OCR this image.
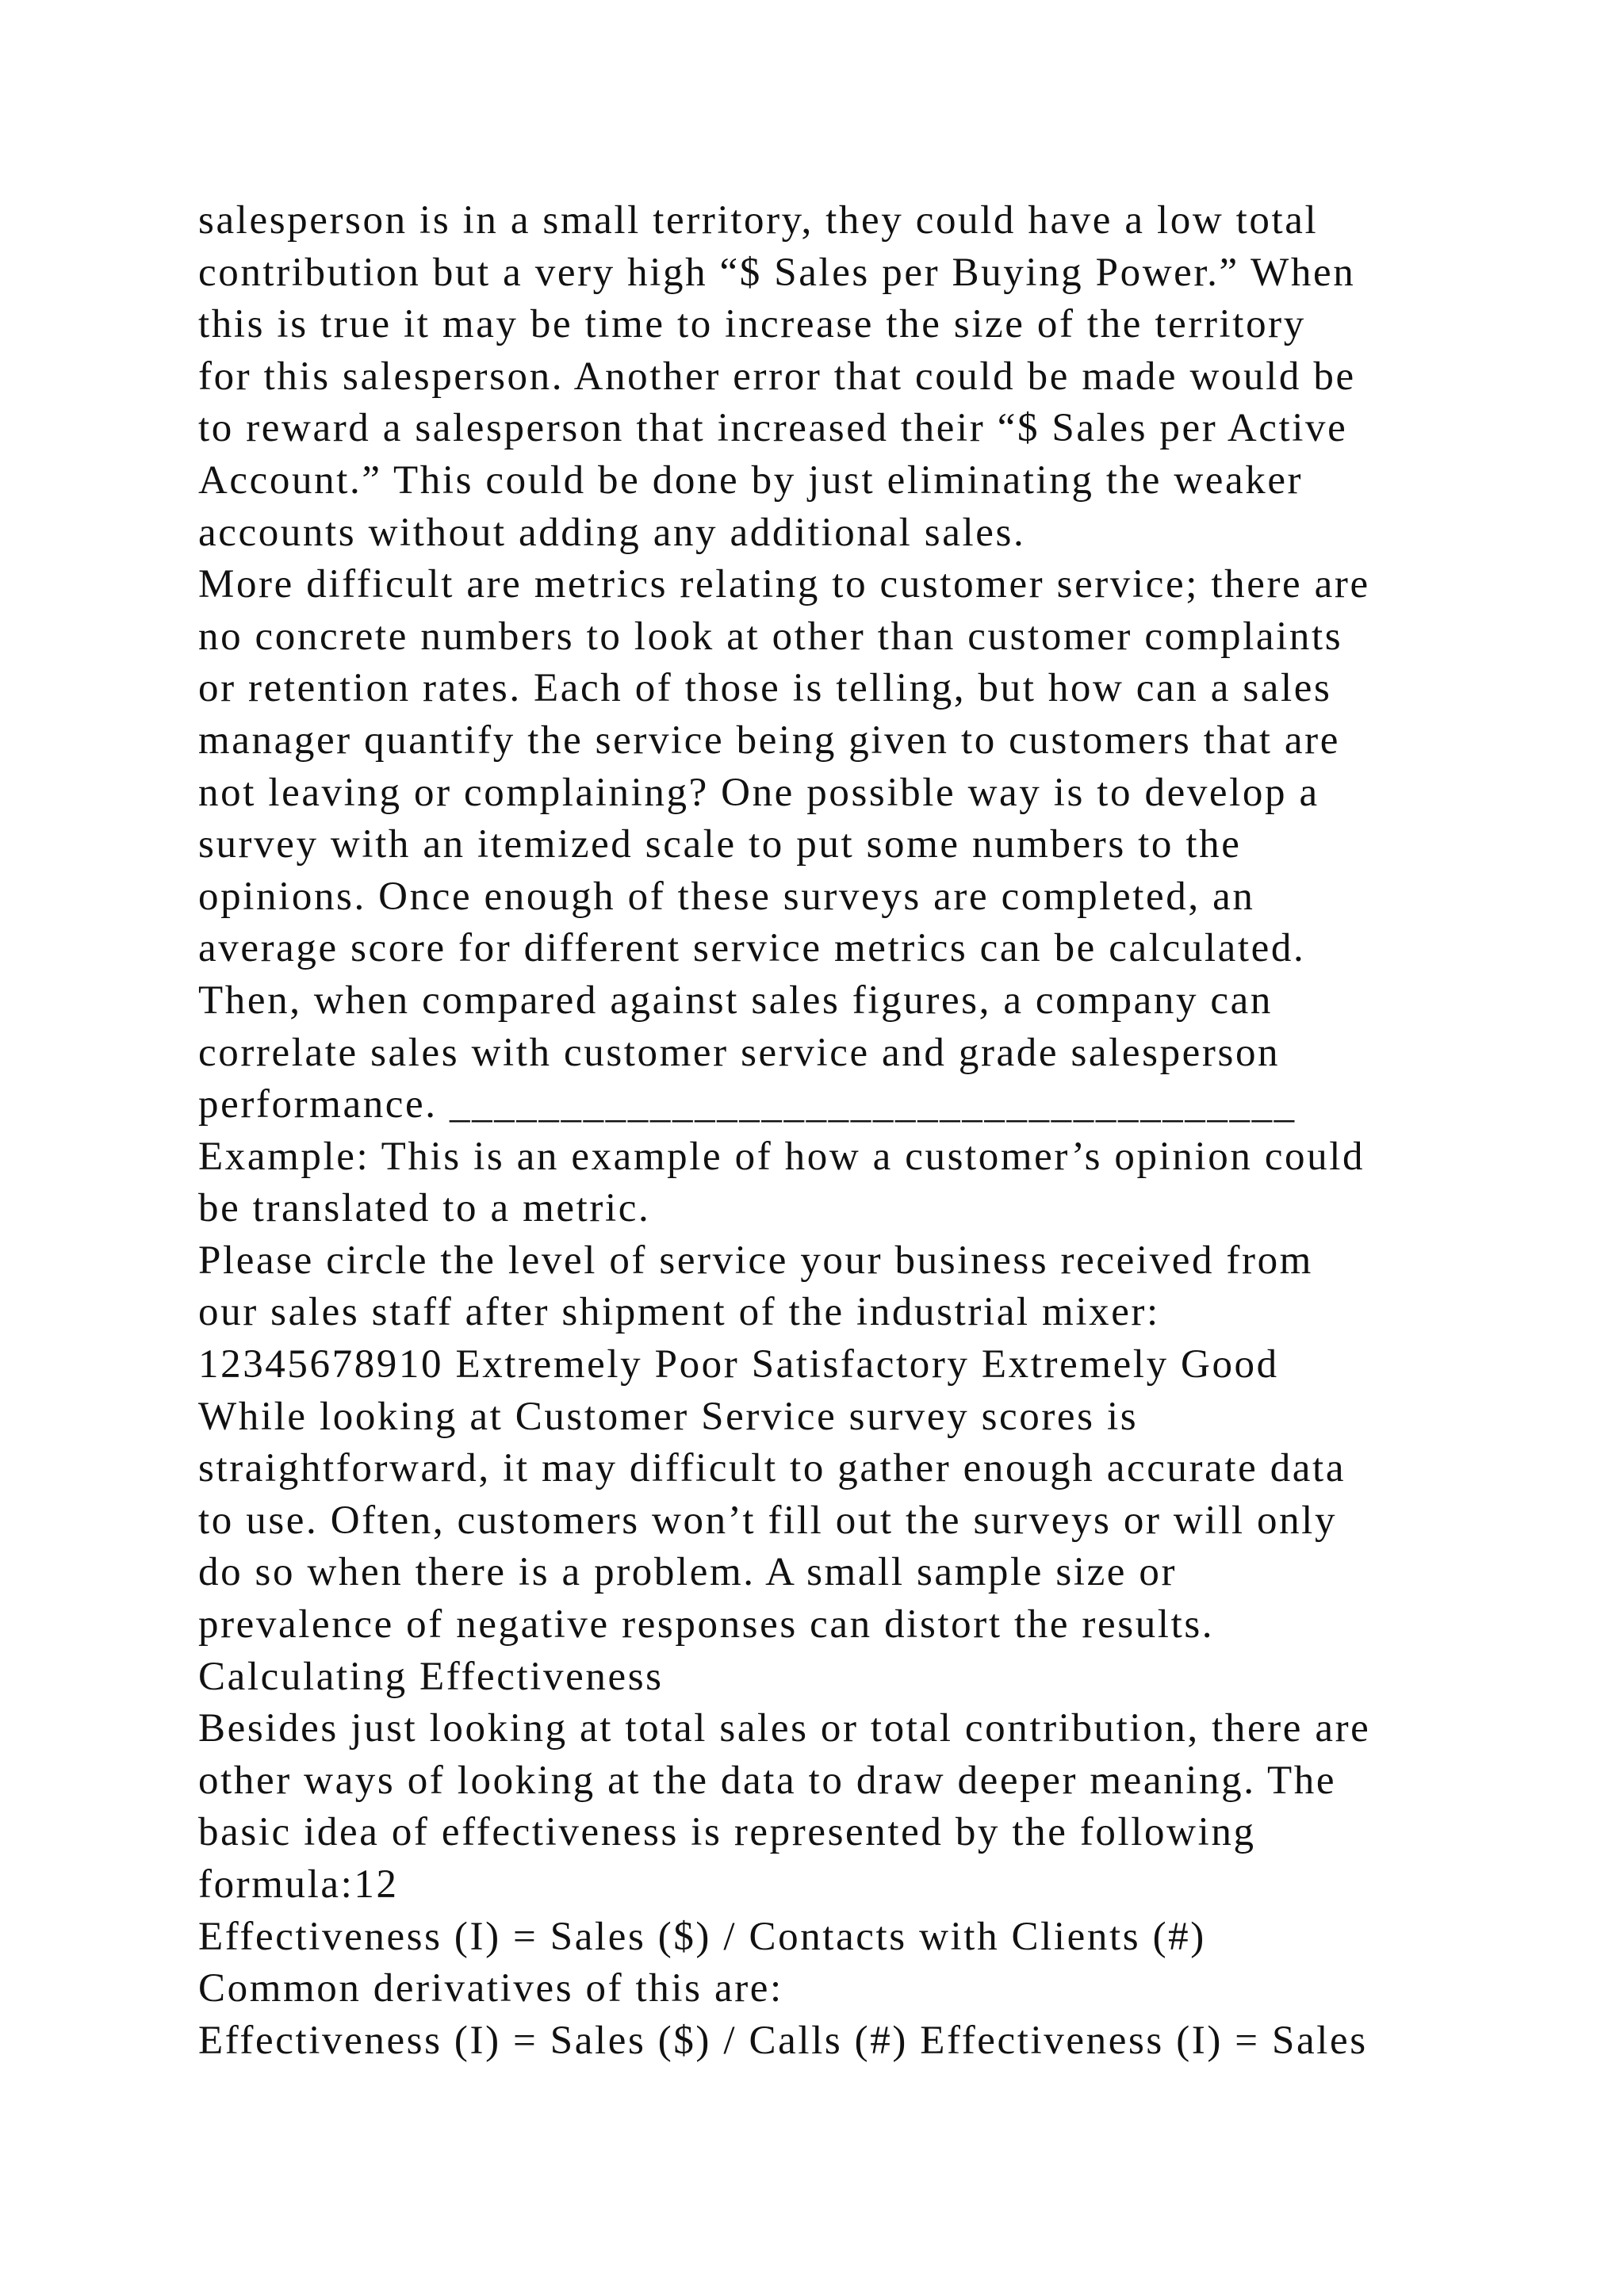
salesperson is in a small territory, they could have a low total
contribution but a very high “$ Sales per Buying Power.” When
this is true it may be time to increase the size of the territory
for this salesperson. Another error that could be made would be
to reward a salesperson that increased their “$ Sales per Active
Account.” This could be done by just eliminating the weaker
accounts without adding any additional sales.
More difficult are metrics relating to customer service; there are
no concrete numbers to look at other than customer complaints
or retention rates. Each of those is telling, but how can a sales
manager quantify the service being given to customers that are
not leaving or complaining? One possible way is to develop a
survey with an itemized scale to put some numbers to the
opinions. Once enough of these surveys are completed, an
average score for different service metrics can be calculated.
Then, when compared against sales figures, a company can
correlate sales with customer service and grade salesperson
performance. ______________________________________
Example: This is an example of how a customer’s opinion could
be translated to a metric.
Please circle the level of service your business received from
our sales staff after shipment of the industrial mixer:
12345678910 Extremely Poor Satisfactory Extremely Good
While looking at Customer Service survey scores is
straightforward, it may difficult to gather enough accurate data
to use. Often, customers won’t fill out the surveys or will only
do so when there is a problem. A small sample size or
prevalence of negative responses can distort the results.
Calculating Effectiveness
Besides just looking at total sales or total contribution, there are
other ways of looking at the data to draw deeper meaning. The
basic idea of effectiveness is represented by the following
formula:12
Effectiveness (I) = Sales ($) / Contacts with Clients (#)
Common derivatives of this are:
Effectiveness (I) = Sales ($) / Calls (#) Effectiveness (I) = Sales
